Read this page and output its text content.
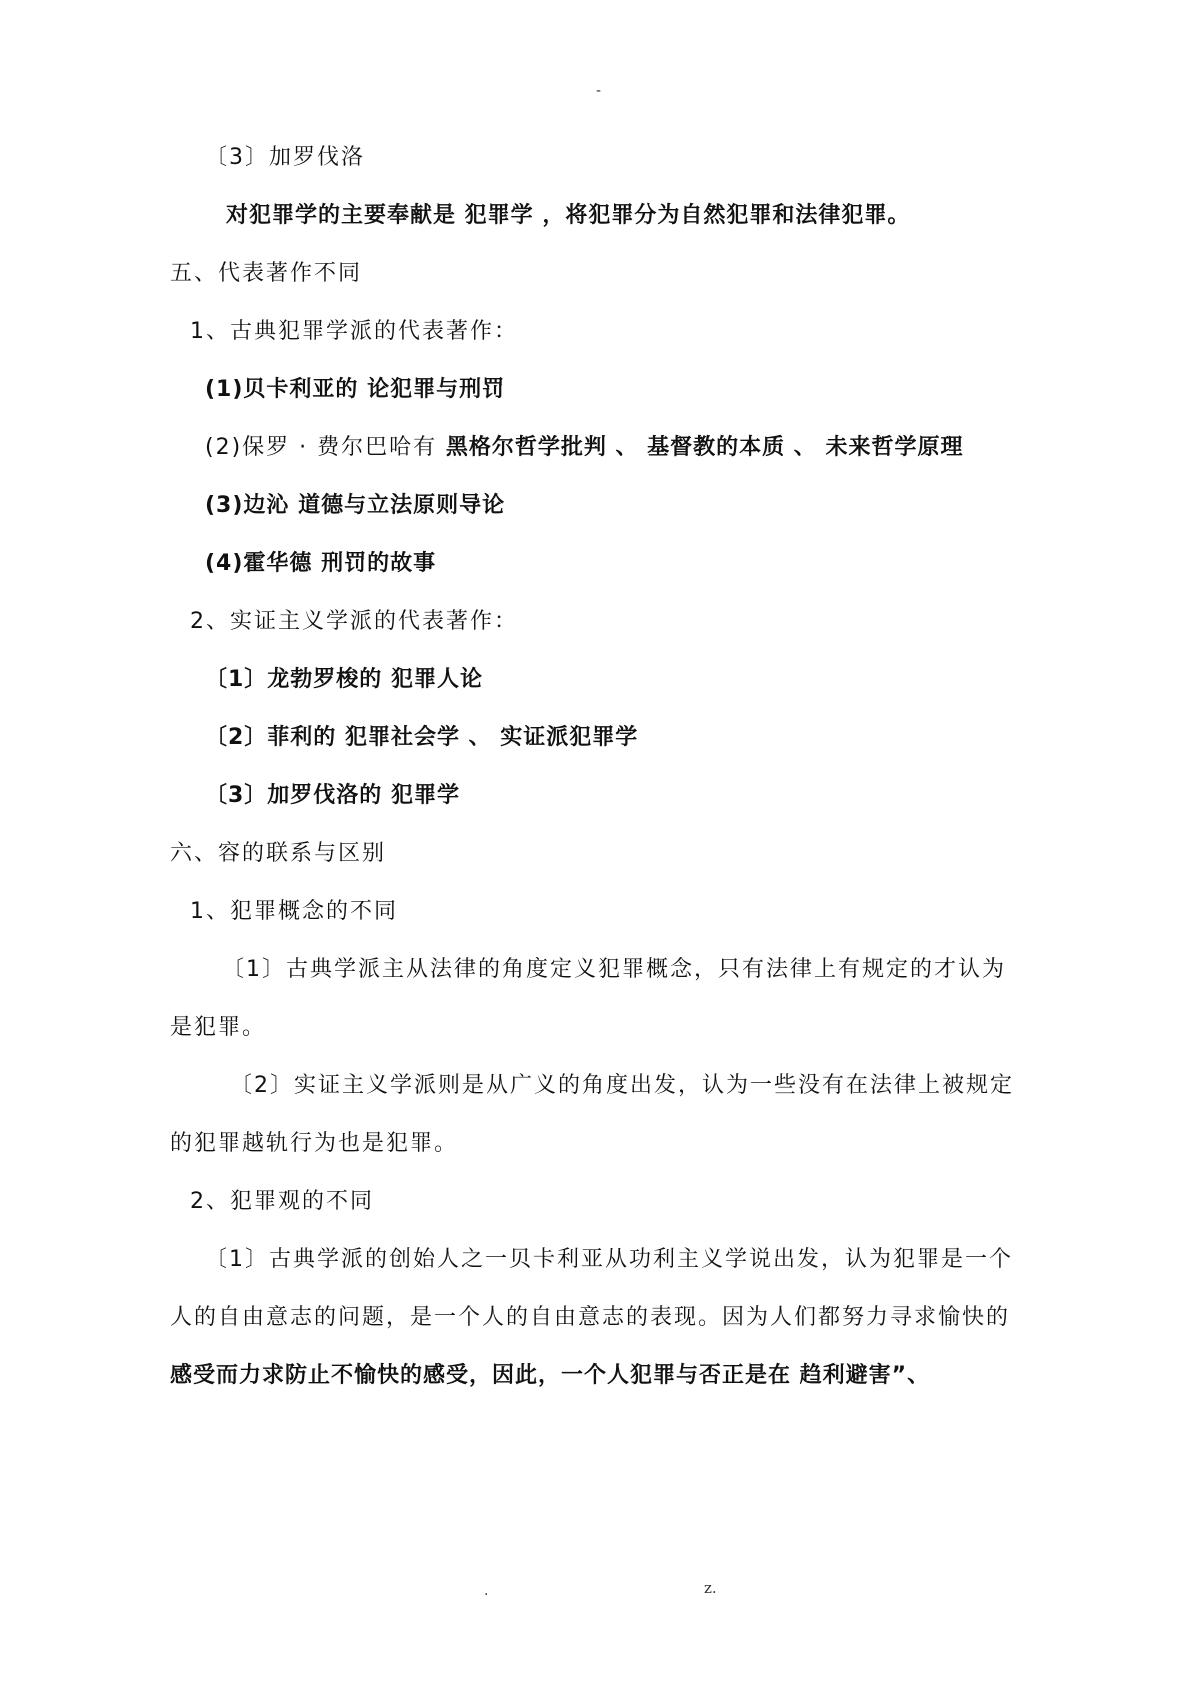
-
〔3〕加罗伐洛
对犯罪学的主要奉献是 犯罪学 ，将犯罪分为自然犯罪和法律犯罪。
五、代表著作不同
1、古典犯罪学派的代表著作：
(1)贝卡利亚的 论犯罪与刑罚
(2)保罗 · 费尔巴哈有 黑格尔哲学批判 、 基督教的本质 、 未来哲学原理
(3)边沁 道德与立法原则导论
(4)霍华德 刑罚的故事
2、实证主义学派的代表著作：
〔1〕龙勃罗梭的 犯罪人论
〔2〕菲利的 犯罪社会学 、 实证派犯罪学
〔3〕加罗伐洛的 犯罪学
六、容的联系与区别
1、犯罪概念的不同
〔1〕古典学派主从法律的角度定义犯罪概念，只有法律上有规定的才认为
是犯罪。
〔2〕实证主义学派则是从广义的角度出发，认为一些没有在法律上被规定
的犯罪越轨行为也是犯罪。
2、犯罪观的不同
〔1〕古典学派的创始人之一贝卡利亚从功利主义学说出发，认为犯罪是一个
人的自由意志的问题，是一个人的自由意志的表现。因为人们都努力寻求愉快的
感受而力求防止不愉快的感受，因此，一个人犯罪与否正是在 趋利避害”、
.	z.
